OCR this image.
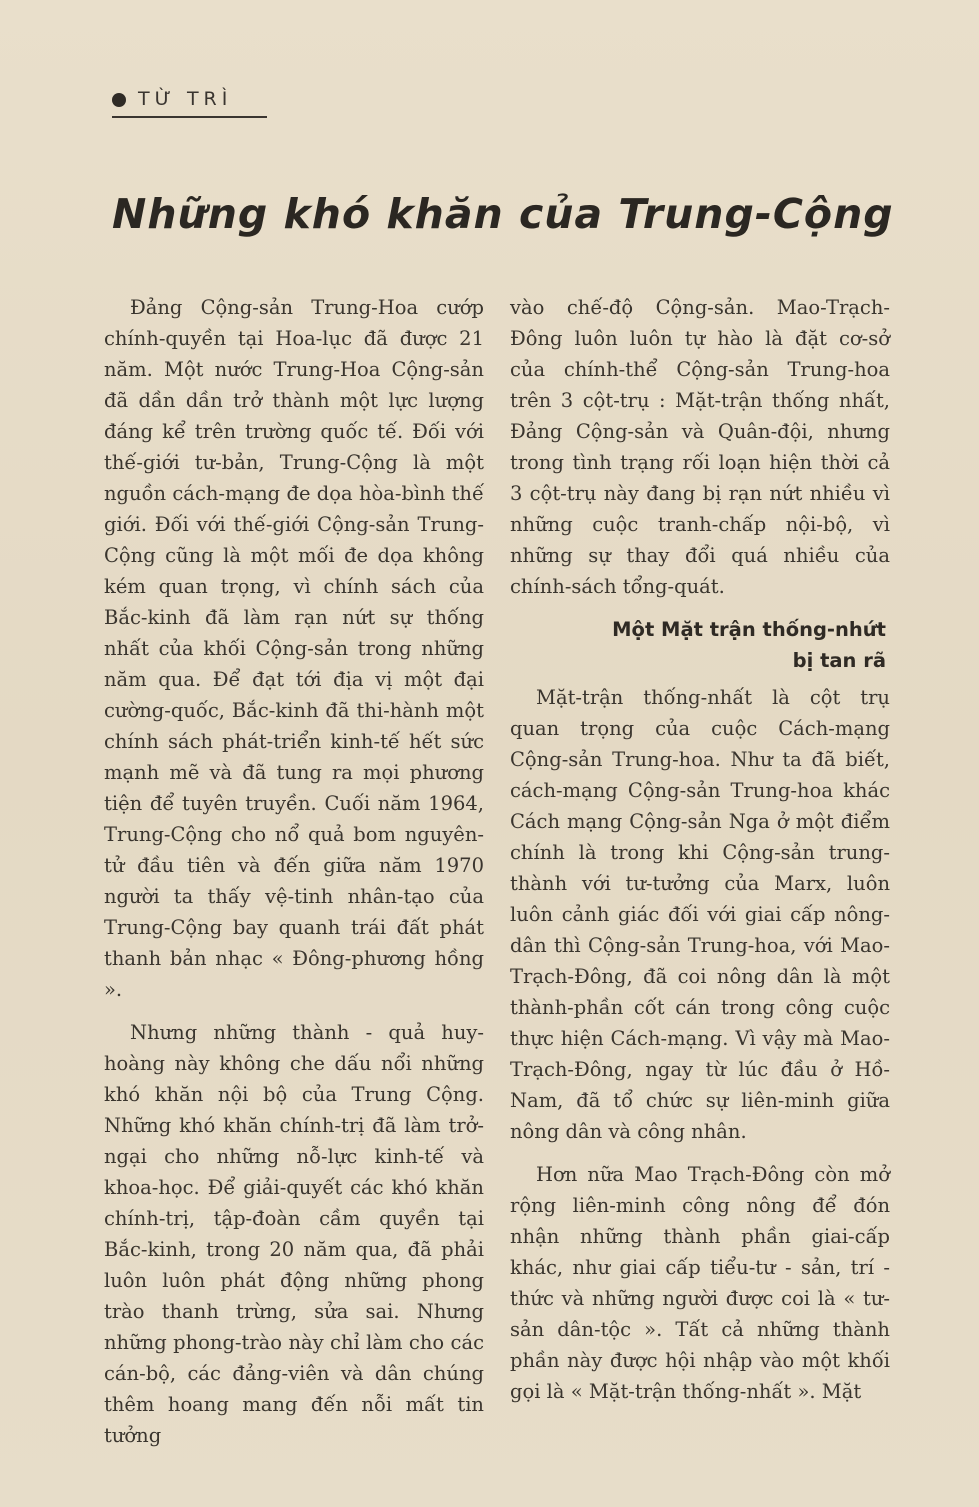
TỪ TRÌ
Những khó khăn của Trung-Cộng

Đảng Cộng-sản Trung-Hoa cướp chính-quyền tại Hoa-lục đã được 21 năm. Một nước Trung-Hoa Cộng-sản đã dần dần trở thành một lực lượng đáng kể trên trường quốc tế. Đối với thế-giới tư-bản, Trung-Cộng là một nguồn cách-mạng đe dọa hòa-bình thế giới. Đối với thế-giới Cộng-sản Trung-Cộng cũng là một mối đe dọa không kém quan trọng, vì chính sách của Bắc-kinh đã làm rạn nứt sự thống nhất của khối Cộng-sản trong những năm qua. Để đạt tới địa vị một đại cường-quốc, Bắc-kinh đã thi-hành một chính sách phát-triển kinh-tế hết sức mạnh mẽ và đã tung ra mọi phương tiện để tuyên truyền. Cuối năm 1964, Trung-Cộng cho nổ quả bom nguyên-tử đầu tiên và đến giữa năm 1970 người ta thấy vệ-tinh nhân-tạo của Trung-Cộng bay quanh trái đất phát thanh bản nhạc « Đông-phương hồng ».

Nhưng những thành - quả huy-hoàng này không che dấu nổi những khó khăn nội bộ của Trung Cộng. Những khó khăn chính-trị đã làm trở-ngại cho những nỗ-lực kinh-tế và khoa-học. Để giải-quyết các khó khăn chính-trị, tập-đoàn cầm quyền tại Bắc-kinh, trong 20 năm qua, đã phải luôn luôn phát động những phong trào thanh trừng, sửa sai. Nhưng những phong-trào này chỉ làm cho các cán-bộ, các đảng-viên và dân chúng thêm hoang mang đến nỗi mất tin tưởng

vào chế-độ Cộng-sản. Mao-Trạch-Đông luôn luôn tự hào là đặt cơ-sở của chính-thể Cộng-sản Trung-hoa trên 3 cột-trụ : Mặt-trận thống nhất, Đảng Cộng-sản và Quân-đội, nhưng trong tình trạng rối loạn hiện thời cả 3 cột-trụ này đang bị rạn nứt nhiều vì những cuộc tranh-chấp nội-bộ, vì những sự thay đổi quá nhiều của chính-sách tổng-quát.

Một Mặt trận thống-nhứt
bị tan rã

Mặt-trận thống-nhất là cột trụ quan trọng của cuộc Cách-mạng Cộng-sản Trung-hoa. Như ta đã biết, cách-mạng Cộng-sản Trung-hoa khác Cách mạng Cộng-sản Nga ở một điểm chính là trong khi Cộng-sản trung-thành với tư-tưởng của Marx, luôn luôn cảnh giác đối với giai cấp nông-dân thì Cộng-sản Trung-hoa, với Mao-Trạch-Đông, đã coi nông dân là một thành-phần cốt cán trong công cuộc thực hiện Cách-mạng. Vì vậy mà Mao-Trạch-Đông, ngay từ lúc đầu ở Hồ-Nam, đã tổ chức sự liên-minh giữa nông dân và công nhân.

Hơn nữa Mao Trạch-Đông còn mở rộng liên-minh công nông để đón nhận những thành phần giai-cấp khác, như giai cấp tiểu-tư - sản, trí - thức và những người được coi là « tư-sản dân-tộc ». Tất cả những thành phần này được hội nhập vào một khối gọi là « Mặt-trận thống-nhất ». Mặt
